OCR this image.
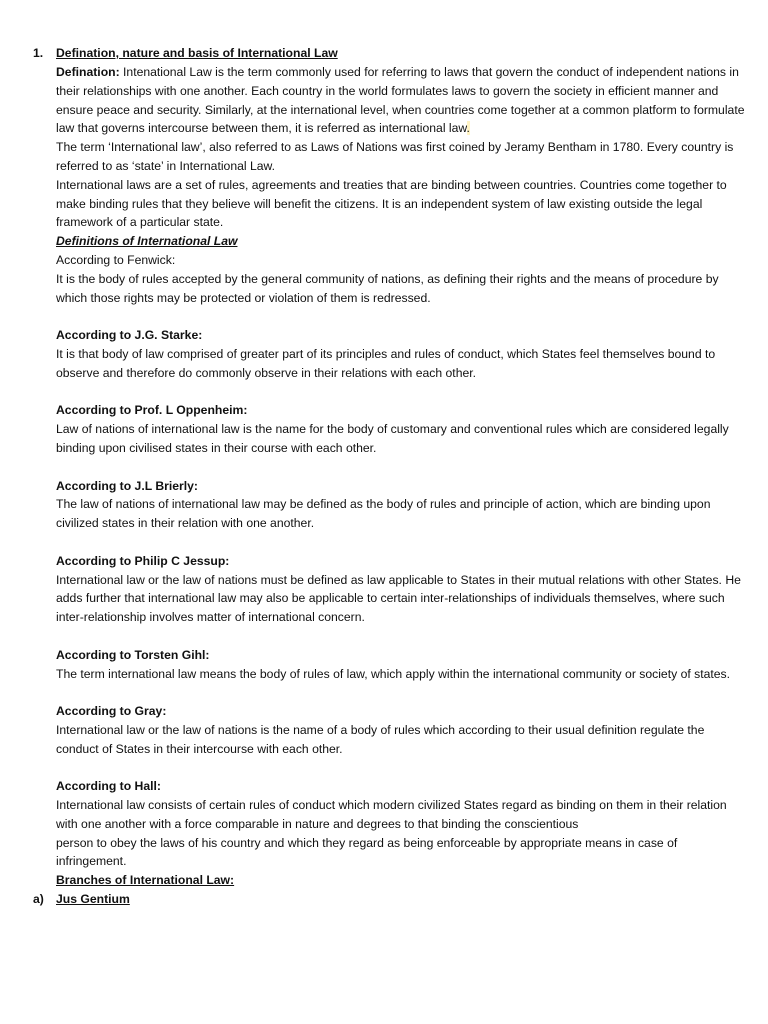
1. Defination, nature and basis of International Law

Defination: Intenational Law is the term commonly used for referring to laws that govern the conduct of independent nations in their relationships with one another. Each country in the world formulates laws to govern the society in efficient manner and ensure peace and security. Similarly, at the international level, when countries come together at a common platform to formulate law that governs intercourse between them, it is referred as international law.

The term ‘International law’, also referred to as Laws of Nations was first coined by Jeramy Bentham in 1780. Every country is referred to as ‘state’ in International Law.

International laws are a set of rules, agreements and treaties that are binding between countries. Countries come together to make binding rules that they believe will benefit the citizens. It is an independent system of law existing outside the legal framework of a particular state.

Definitions of International Law

According to Fenwick:

It is the body of rules accepted by the general community of nations, as defining their rights and the means of procedure by which those rights may be protected or violation of them is redressed.

According to J.G. Starke:

It is that body of law comprised of greater part of its principles and rules of conduct, which States feel themselves bound to observe and therefore do commonly observe in their relations with each other.

According to Prof. L Oppenheim:

Law of nations of international law is the name for the body of customary and conventional rules which are considered legally binding upon civilised states in their course with each other.

According to J.L Brierly:

The law of nations of international law may be defined as the body of rules and principle of action, which are binding upon civilized states in their relation with one another.

According to Philip C Jessup:

International law or the law of nations must be defined as law applicable to States in their mutual relations with other States. He adds further that international law may also be applicable to certain inter-relationships of individuals themselves, where such inter-relationship involves matter of international concern.

According to Torsten Gihl:

The term international law means the body of rules of law, which apply within the international community or society of states.

According to Gray:

International law or the law of nations is the name of a body of rules which according to their usual definition regulate the conduct of States in their intercourse with each other.

According to Hall:

International law consists of certain rules of conduct which modern civilized States regard as binding on them in their relation with one another with a force comparable in nature and degrees to that binding the conscientious

person to obey the laws of his country and which they regard as being enforceable by appropriate means in case of infringement.

Branches of International Law:

a) Jus Gentium
